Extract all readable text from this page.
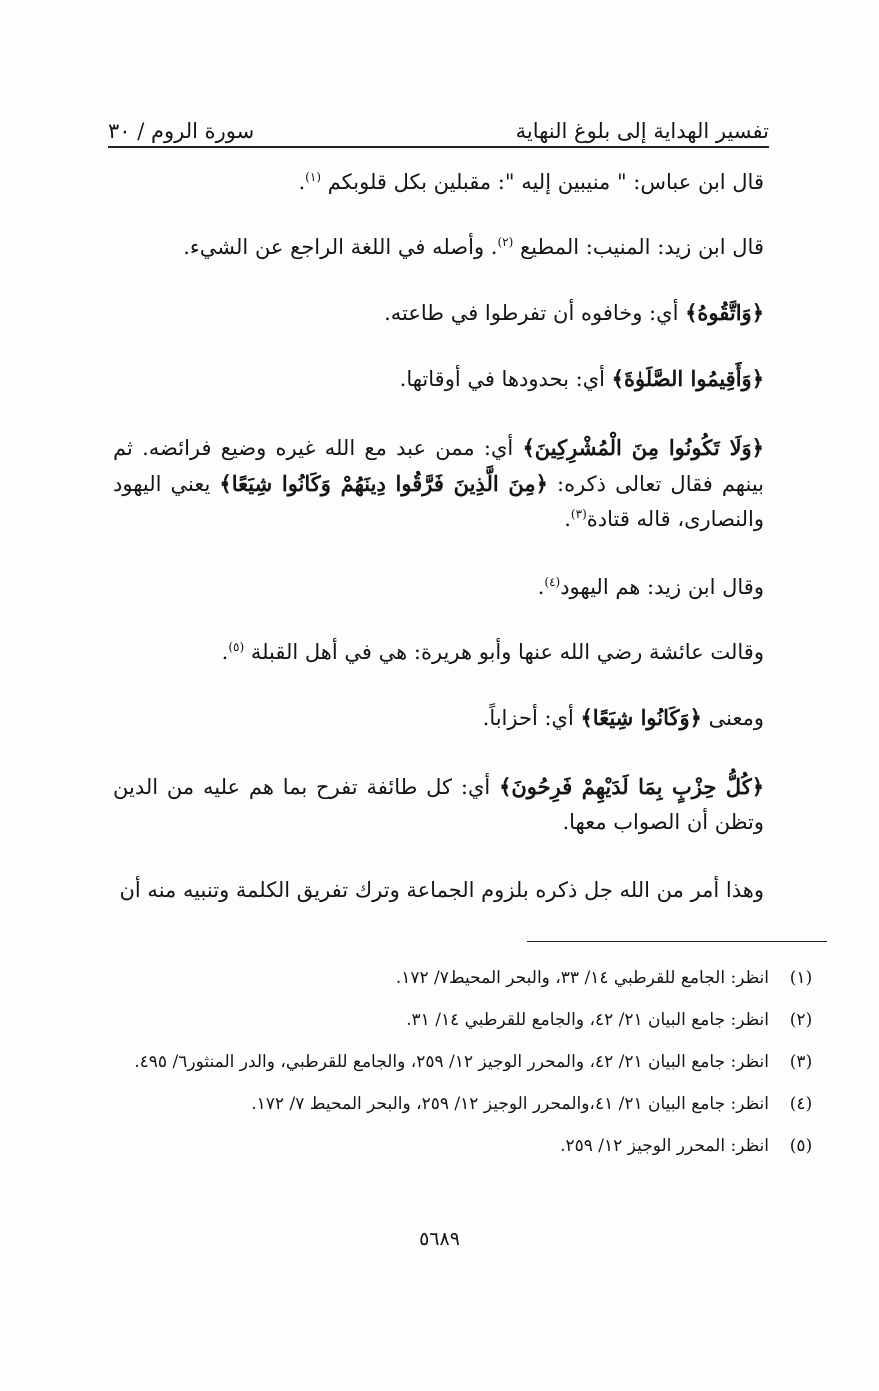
تفسير الهداية إلى بلوغ النهاية
سورة الروم / ٣٠

قال ابن عباس: " منيبين إليه ": مقبلين بكل قلوبكم $^{(١)}$.

قال ابن زيد: المنيب: المطيع $^{(٢)}$. وأصله في اللغة الراجع عن الشيء.

﴿وَاتَّقُوهُ﴾ أي: وخافوه أن تفرطوا في طاعته.

﴿وَأَقِيمُوا الصَّلَوٰةَ﴾ أي: بحدودها في أوقاتها.

﴿وَلَا تَكُونُوا مِنَ الْمُشْرِكِينَ﴾ أي: ممن عبد مع الله غيره وضيع فرائضه. ثم بينهم فقال تعالى ذكره: ﴿مِنَ الَّذِينَ فَرَّقُوا دِينَهُمْ وَكَانُوا شِيَعًا﴾ يعني اليهود والنصارى، قاله قتادة$^{(٣)}$.

وقال ابن زيد: هم اليهود$^{(٤)}$.

وقالت عائشة رضي الله عنها وأبو هريرة: هي في أهل القبلة $^{(٥)}$.

ومعنى ﴿وَكَانُوا شِيَعًا﴾ أي: أحزاباً.

﴿كُلُّ حِزْبٍ بِمَا لَدَيْهِمْ فَرِحُونَ﴾ أي: كل طائفة تفرح بما هم عليه من الدين وتظن أن الصواب معها.

وهذا أمر من الله جل ذكره بلزوم الجماعة وترك تفريق الكلمة وتنبيه منه أن

(١)
انظر: الجامع للقرطبي ١٤/ ٣٣، والبحر المحيط٧/ ١٧٢.
(٢)
انظر: جامع البيان ٢١/ ٤٢، والجامع للقرطبي ١٤/ ٣١.
(٣)
انظر: جامع البيان ٢١/ ٤٢، والمحرر الوجيز ١٢/ ٢٥٩، والجامع للقرطبي، والدر المنثور٦/ ٤٩٥.
(٤)
انظر: جامع البيان ٢١/ ٤١،والمحرر الوجيز ١٢/ ٢٥٩، والبحر المحيط ٧/ ١٧٢.
(٥)
انظر: المحرر الوجيز ١٢/ ٢٥٩.
٥٦٨٩
